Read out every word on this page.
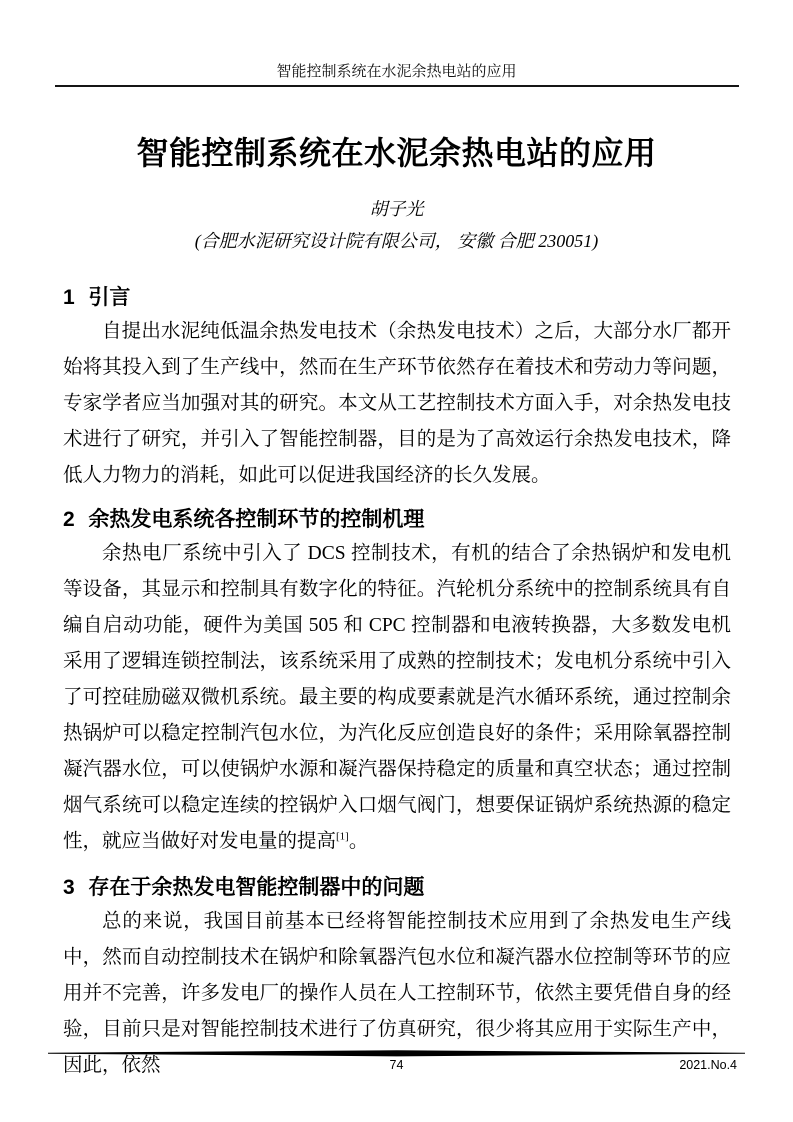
智能控制系统在水泥余热电站的应用
智能控制系统在水泥余热电站的应用
胡子光
(合肥水泥研究设计院有限公司， 安徽 合肥 230051)
1 引言

自提出水泥纯低温余热发电技术（余热发电技术）之后，大部分水厂都开始将其投入到了生产线中，然而在生产环节依然存在着技术和劳动力等问题，专家学者应当加强对其的研究。本文从工艺控制技术方面入手，对余热发电技术进行了研究，并引入了智能控制器，目的是为了高效运行余热发电技术，降低人力物力的消耗，如此可以促进我国经济的长久发展。

2 余热发电系统各控制环节的控制机理

余热电厂系统中引入了 DCS 控制技术，有机的结合了余热锅炉和发电机等设备，其显示和控制具有数字化的特征。汽轮机分系统中的控制系统具有自编自启动功能，硬件为美国 505 和 CPC 控制器和电液转换器，大多数发电机采用了逻辑连锁控制法，该系统采用了成熟的控制技术；发电机分系统中引入了可控硅励磁双微机系统。最主要的构成要素就是汽水循环系统，通过控制余热锅炉可以稳定控制汽包水位，为汽化反应创造良好的条件；采用除氧器控制凝汽器水位，可以使锅炉水源和凝汽器保持稳定的质量和真空状态；通过控制烟气系统可以稳定连续的控锅炉入口烟气阀门，想要保证锅炉系统热源的稳定性，就应当做好对发电量的提高[1]。

3 存在于余热发电智能控制器中的问题

总的来说，我国目前基本已经将智能控制技术应用到了余热发电生产线中，然而自动控制技术在锅炉和除氧器汽包水位和凝汽器水位控制等环节的应用并不完善，许多发电厂的操作人员在人工控制环节，依然主要凭借自身的经验，目前只是对智能控制技术进行了仿真研究，很少将其应用于实际生产中，因此，依然	74	2021.No.4
